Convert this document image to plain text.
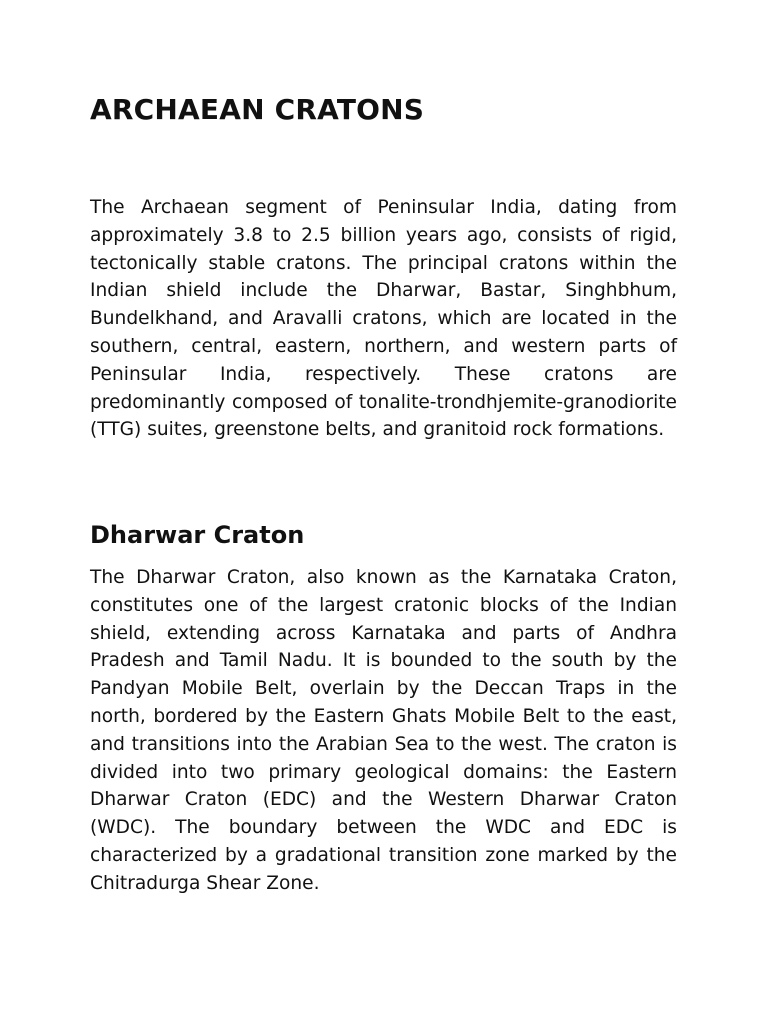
ARCHAEAN CRATONS

The Archaean segment of Peninsular India, dating from approximately 3.8 to 2.5 billion years ago, consists of rigid, tectonically stable cratons. The principal cratons within the Indian shield include the Dharwar, Bastar, Singhbhum, Bundelkhand, and Aravalli cratons, which are located in the southern, central, eastern, northern, and western parts of Peninsular India, respectively. These cratons are predominantly composed of tonalite-trondhjemite-granodiorite (TTG) suites, greenstone belts, and granitoid rock formations.

Dharwar Craton

The Dharwar Craton, also known as the Karnataka Craton, constitutes one of the largest cratonic blocks of the Indian shield, extending across Karnataka and parts of Andhra Pradesh and Tamil Nadu. It is bounded to the south by the Pandyan Mobile Belt, overlain by the Deccan Traps in the north, bordered by the Eastern Ghats Mobile Belt to the east, and transitions into the Arabian Sea to the west. The craton is divided into two primary geological domains: the Eastern Dharwar Craton (EDC) and the Western Dharwar Craton (WDC). The boundary between the WDC and EDC is characterized by a gradational transition zone marked by the Chitradurga Shear Zone.
